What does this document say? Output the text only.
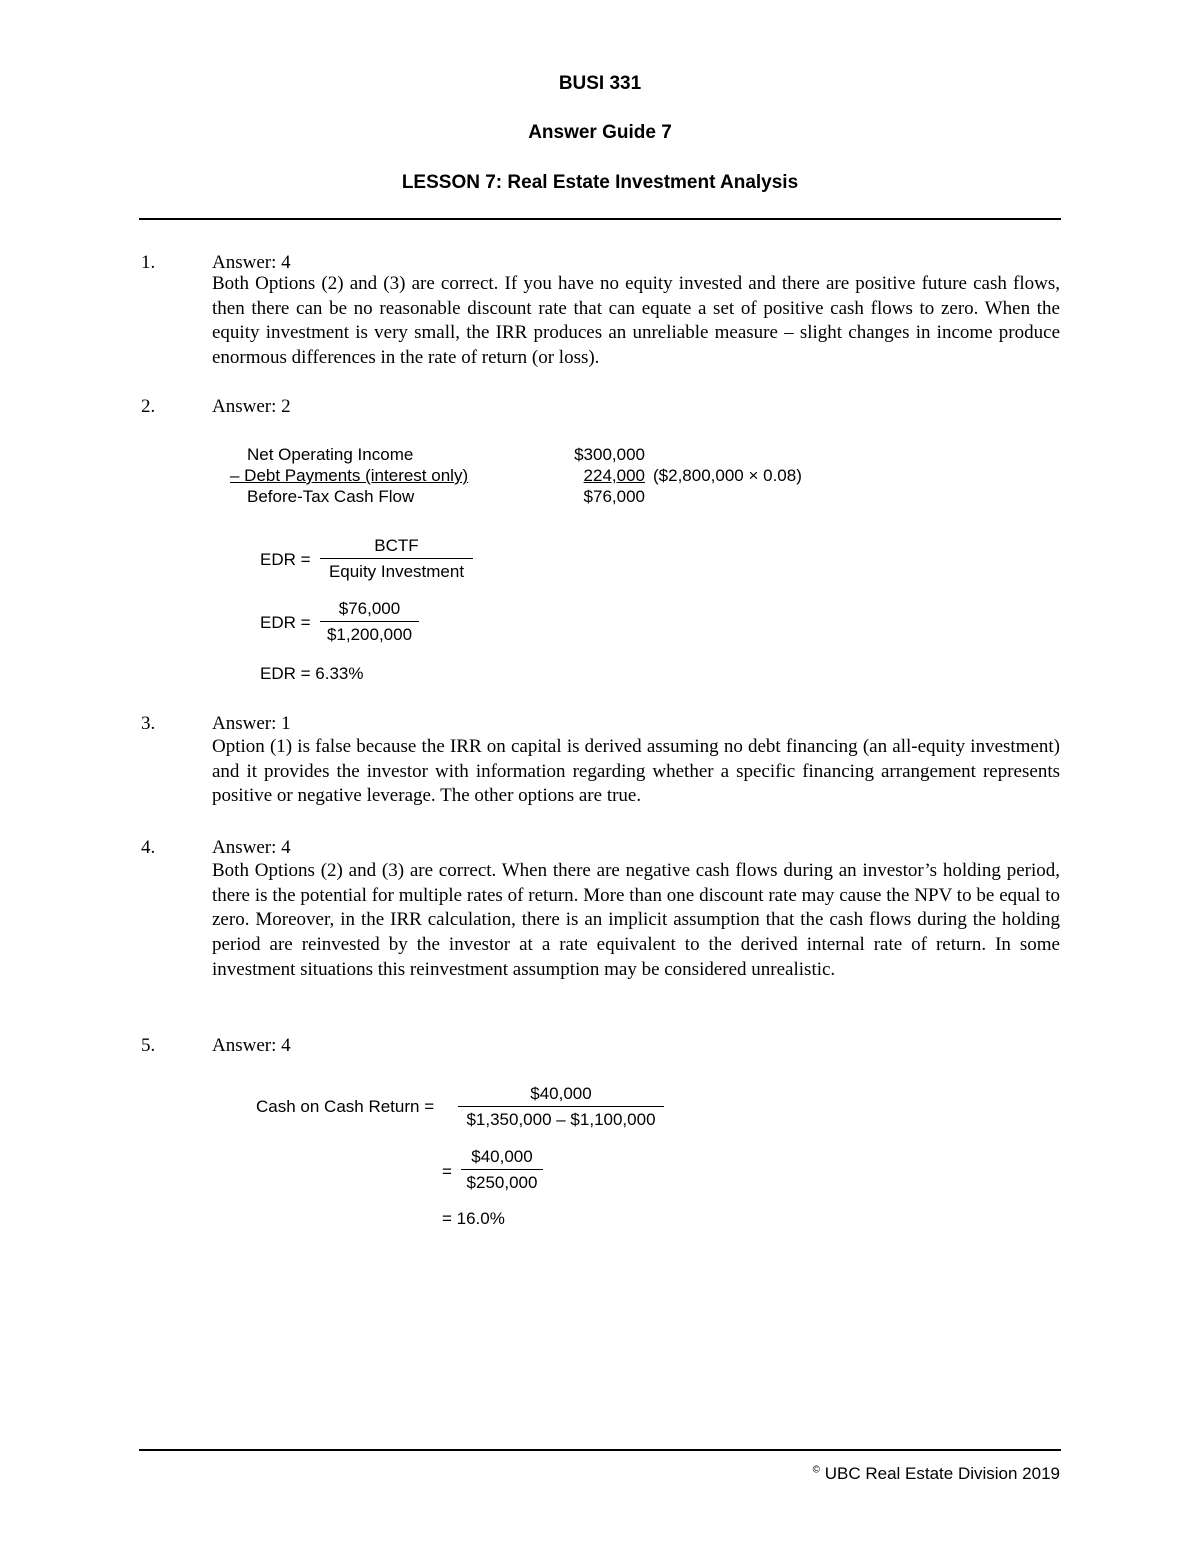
BUSI 331
Answer Guide 7
LESSON 7: Real Estate Investment Analysis
1.	Answer: 4

Both Options (2) and (3) are correct. If you have no equity invested and there are positive future cash flows, then there can be no reasonable discount rate that can equate a set of positive cash flows to zero. When the equity investment is very small, the IRR produces an unreliable measure – slight changes in income produce enormous differences in the rate of return (or loss).

2.	Answer: 2
Net Operating Income	$300,000
– Debt Payments (interest only)	224,000 ($2,800,000 × 0.08)
Before-Tax Cash Flow	$76,000
EDR =
BCTF
Equity Investment
EDR = $\frac{\$76,000}{\$1,200,000}$
EDR = 6.33%
3.	Answer: 1

Option (1) is false because the IRR on capital is derived assuming no debt financing (an all-equity investment) and it provides the investor with information regarding whether a specific financing arrangement represents positive or negative leverage. The other options are true.

4.	Answer: 4

Both Options (2) and (3) are correct. When there are negative cash flows during an investor’s holding period, there is the potential for multiple rates of return. More than one discount rate may cause the NPV to be equal to zero. Moreover, in the IRR calculation, there is an implicit assumption that the cash flows during the holding period are reinvested by the investor at a rate equivalent to the derived internal rate of return. In some investment situations this reinvestment assumption may be considered unrealistic.

5.	Answer: 4
Cash on Cash Return = $\frac{\$40,000}{\$1,350,000 - \$1,100,000}$
= $\frac{\$40,000}{\$250,000}$
= 16.0%
© UBC Real Estate Division 2019
